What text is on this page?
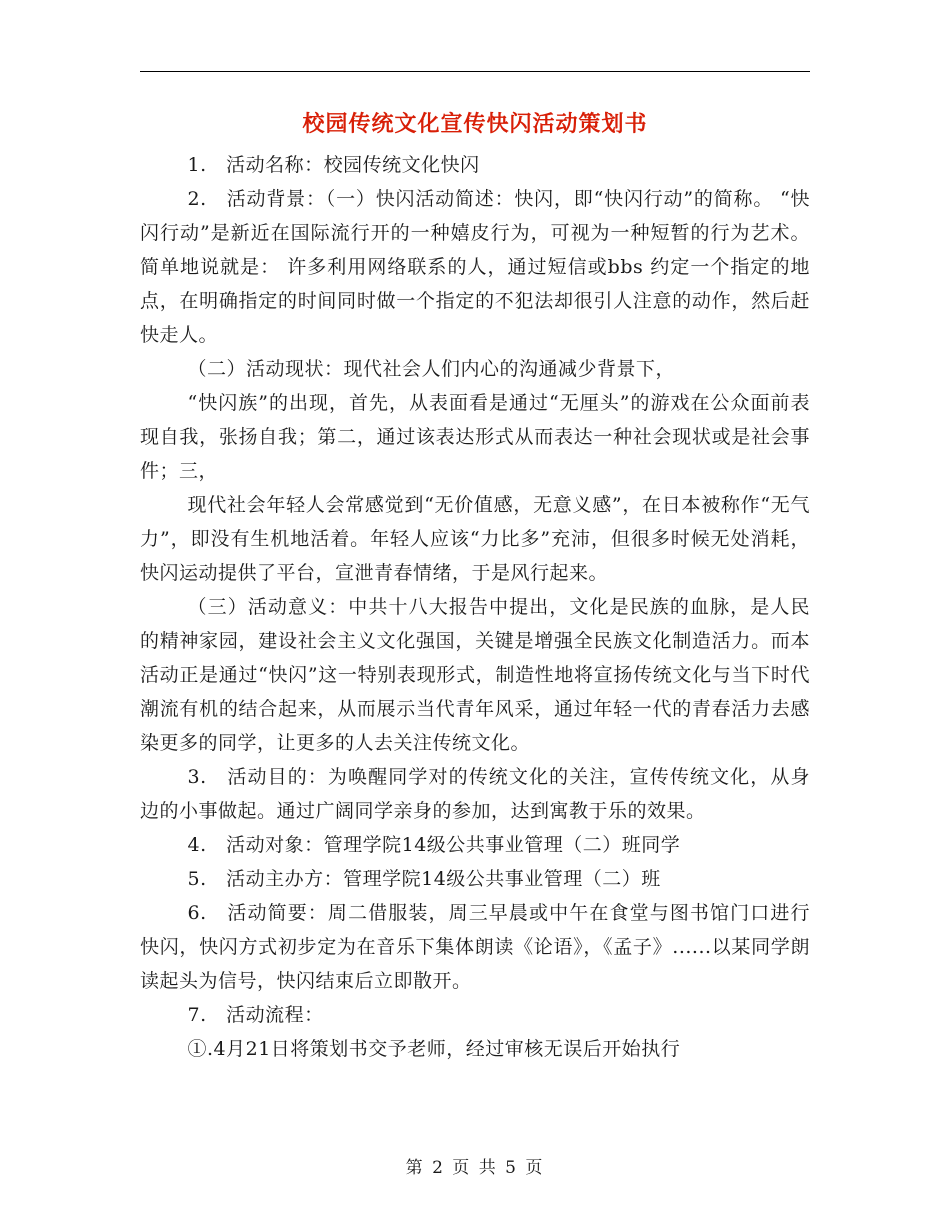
校园传统文化宣传快闪活动策划书

1.　活动名称：校园传统文化快闪

2.　活动背景：（一）快闪活动简述：快闪，即“快闪行动”的简称。 “快闪行动”是新近在国际流行开的一种嬉皮行为，可视为一种短暂的行为艺术。简单地说就是： 许多利用网络联系的人，通过短信或bbs 约定一个指定的地点，在明确指定的时间同时做一个指定的不犯法却很引人注意的动作，然后赶快走人。

（二）活动现状：现代社会人们内心的沟通减少背景下，

“快闪族”的出现，首先，从表面看是通过“无厘头”的游戏在公众面前表现自我，张扬自我；第二，通过该表达形式从而表达一种社会现状或是社会事件；三，

现代社会年轻人会常感觉到“无价值感，无意义感”，在日本被称作“无气力”，即没有生机地活着。年轻人应该“力比多”充沛，但很多时候无处消耗，快闪运动提供了平台，宣泄青春情绪，于是风行起来。

（三）活动意义：中共十八大报告中提出，文化是民族的血脉，是人民的精神家园，建设社会主义文化强国，关键是增强全民族文化制造活力。而本活动正是通过“快闪”这一特别表现形式，制造性地将宣扬传统文化与当下时代潮流有机的结合起来，从而展示当代青年风采，通过年轻一代的青春活力去感染更多的同学，让更多的人去关注传统文化。

3.　活动目的：为唤醒同学对的传统文化的关注，宣传传统文化，从身边的小事做起。通过广阔同学亲身的参加，达到寓教于乐的效果。

4.　活动对象：管理学院14级公共事业管理（二）班同学

5.　活动主办方：管理学院14级公共事业管理（二）班

6.　活动简要：周二借服装，周三早晨或中午在食堂与图书馆门口进行快闪，快闪方式初步定为在音乐下集体朗读《论语》，《孟子》......以某同学朗读起头为信号，快闪结束后立即散开。

7.　活动流程：

①.4月21日将策划书交予老师，经过审核无误后开始执行

第 2 页 共 5 页
